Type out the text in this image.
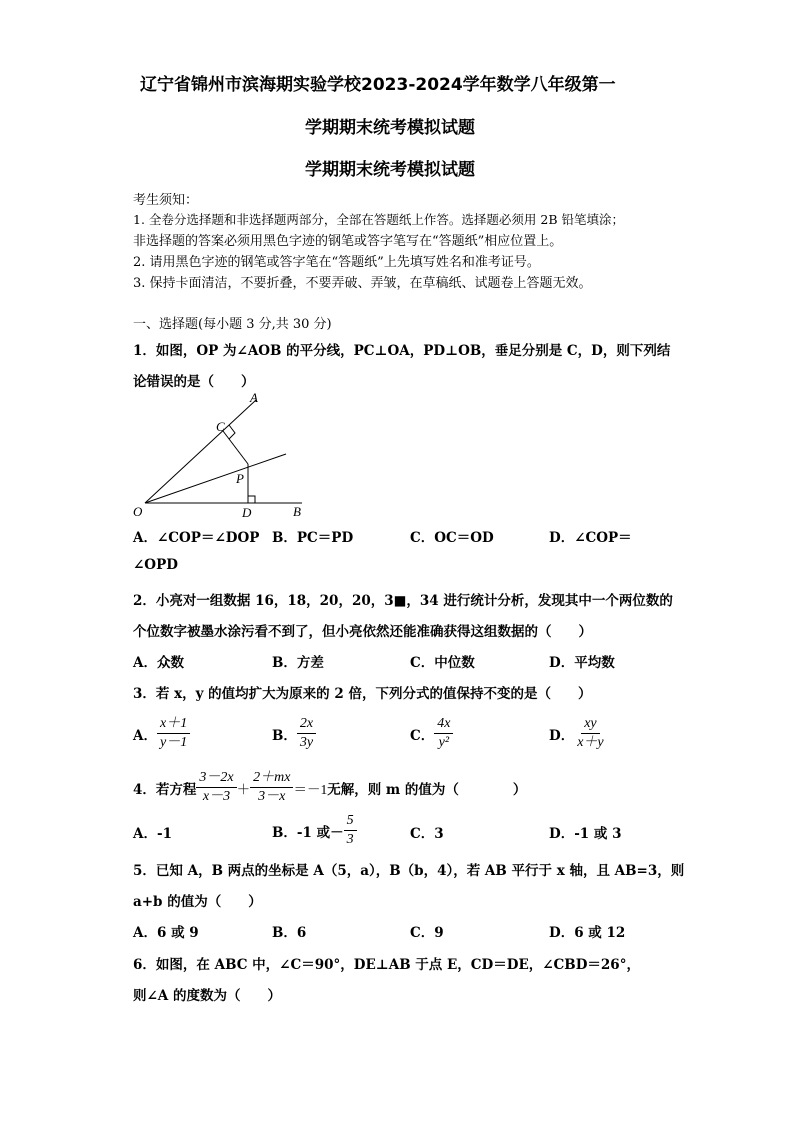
辽宁省锦州市滨海期实验学校2023-2024学年数学八年级第一
学期期末统考模拟试题
学期期末统考模拟试题
考生须知：
1. 全卷分选择题和非选择题两部分，全部在答题纸上作答。选择题必须用 2B 铅笔填涂；
非选择题的答案必须用黑色字迹的钢笔或答字笔写在“答题纸”相应位置上。
2. 请用黑色字迹的钢笔或答字笔在“答题纸”上先填写姓名和准考证号。
3. 保持卡面清洁，不要折叠，不要弄破、弄皱，在草稿纸、试题卷上答题无效。
一、选择题(每小题 3 分,共 30 分)
1．如图，OP 为∠AOB 的平分线，PC⊥OA，PD⊥OB，垂足分别是 C，D，则下列结
论错误的是（　　）
A
C
P
O	D	B
A．∠COP＝∠DOP B．PC＝PD	C．OC＝OD	D．∠COP＝
∠OPD
2．小亮对一组数据 16，18，20，20，3■，34 进行统计分析，发现其中一个两位数的
个位数字被墨水涂污看不到了，但小亮依然还能准确获得这组数据的（　　）
A．众数	B．方差	C．中位数	D．平均数
3．若 x，y 的值均扩大为原来的 2 倍，下列分式的值保持不变的是（　　）
A． $\frac{x+1}{y-1}$	B． $\frac{2x}{3y}$	C． $\frac{4x}{\text{y²}}$	D． $\frac{xy}{x+y}$
4．若方程 $\frac{3-2x}{x-3} + \frac{2+mx}{3-x} =-1$ 无解，则 m 的值为（　　　　）
A．-1	B．-1 或－ $\frac{5}{3}$	C．3	D．-1 或 3
5．已知 A，B 两点的坐标是 A（5，a），B（b，4），若 AB 平行于 x 轴，且 AB=3，则
a+b 的值为（　　）
A．6 或 9	B．6	C．9	D．6 或 12
6．如图，在 ABC 中，∠C＝90°，DE⊥AB 于点 E，CD＝DE，∠CBD＝26°，
则∠A 的度数为（　　）
